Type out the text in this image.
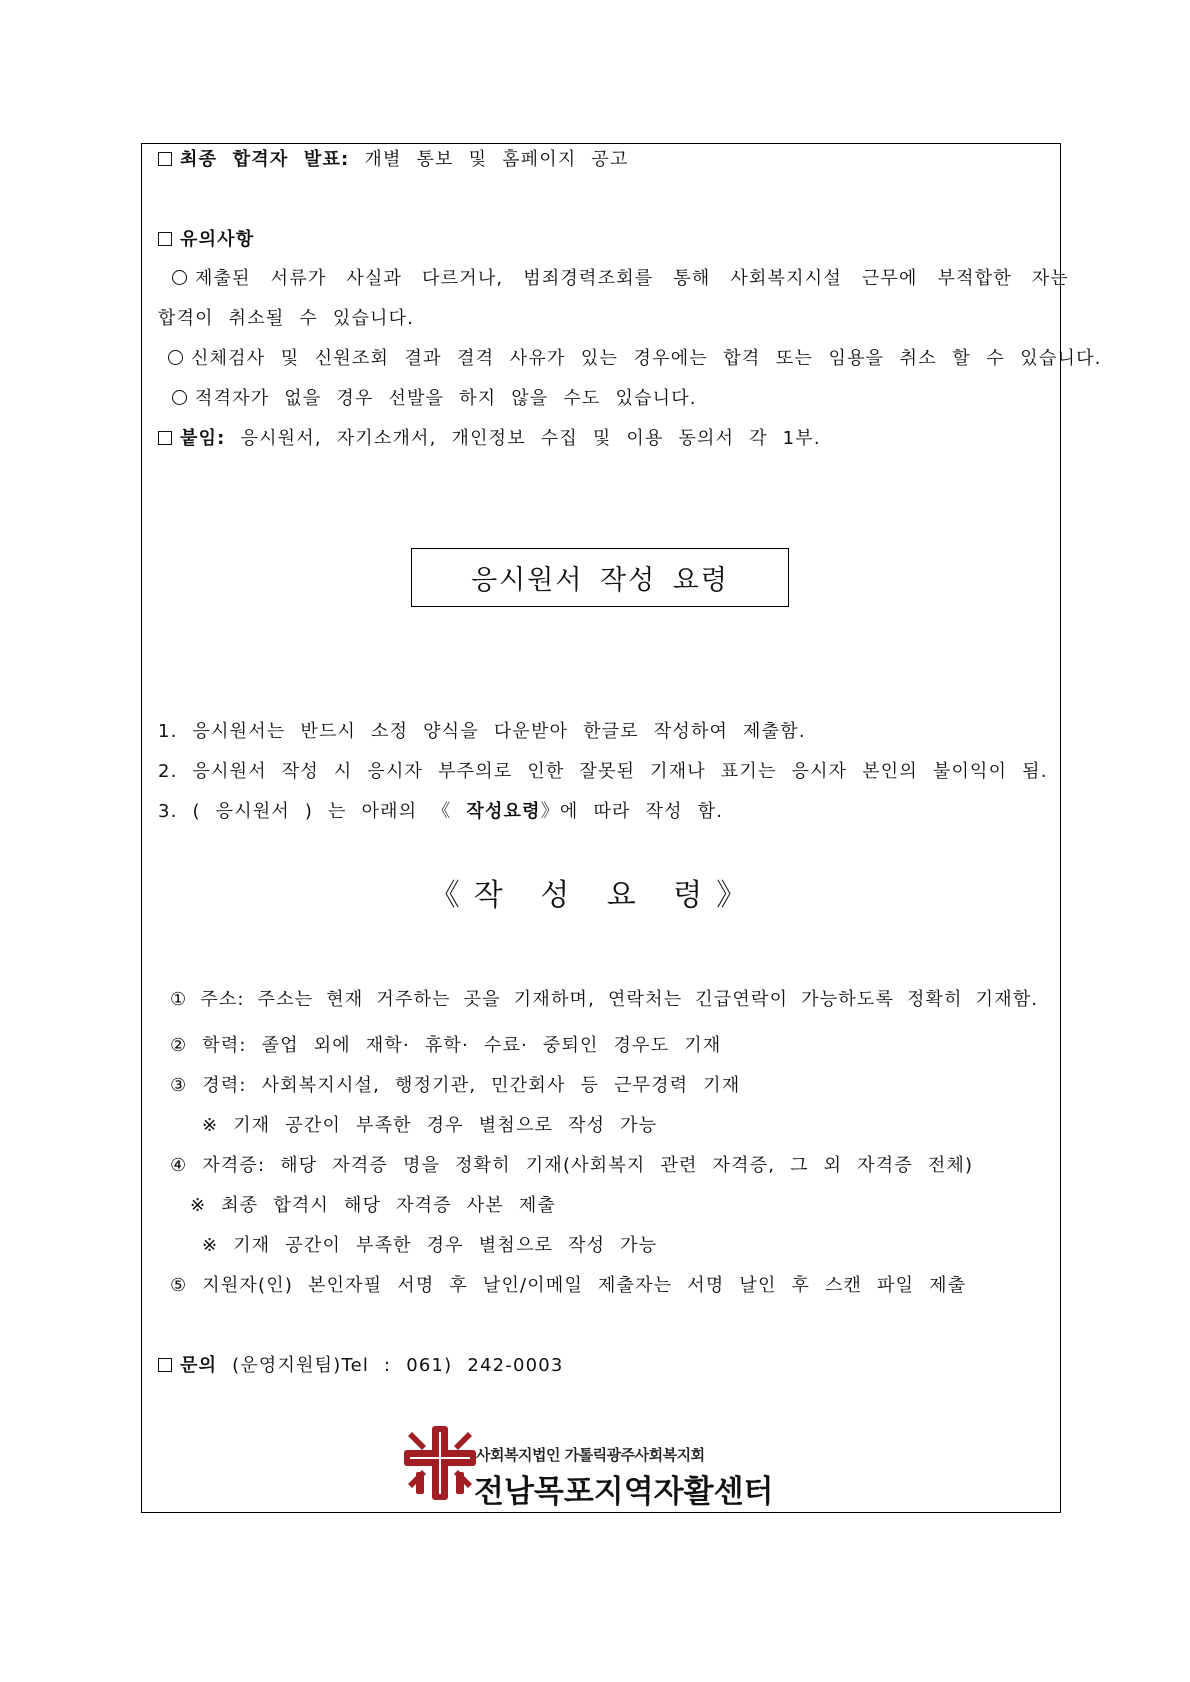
최종 합격자 발표: 개별 통보 및 홈페이지 공고
유의사항
제출된 서류가 사실과 다르거나, 범죄경력조회를 통해 사회복지시설 근무에 부적합한 자는
합격이 취소될 수 있습니다.
신체검사 및 신원조회 결과 결격 사유가 있는 경우에는 합격 또는 임용을 취소 할 수 있습니다.
적격자가 없을 경우 선발을 하지 않을 수도 있습니다.
붙임: 응시원서, 자기소개서, 개인정보 수집 및 이용 동의서 각 1부.
응시원서 작성 요령
1. 응시원서는 반드시 소정 양식을 다운받아 한글로 작성하여 제출함.
2. 응시원서 작성 시 응시자 부주의로 인한 잘못된 기재나 표기는 응시자 본인의 불이익이 됨.
3. ( 응시원서 ) 는 아래의 《 작성요령》에 따라 작성 함.
《작 성 요 령》
① 주소: 주소는 현재 거주하는 곳을 기재하며, 연락처는 긴급연락이 가능하도록 정확히 기재함.
② 학력: 졸업 외에 재학· 휴학· 수료· 중퇴인 경우도 기재
③ 경력: 사회복지시설, 행정기관, 민간회사 등 근무경력 기재
※ 기재 공간이 부족한 경우 별첨으로 작성 가능
④ 자격증: 해당 자격증 명을 정확히 기재(사회복지 관련 자격증, 그 외 자격증 전체)
※ 최종 합격시 해당 자격증 사본 제출
※ 기재 공간이 부족한 경우 별첨으로 작성 가능
⑤ 지원자(인) 본인자필 서명 후 날인/이메일 제출자는 서명 날인 후 스캔 파일 제출
문의 (운영지원팀)Tel : 061) 242-0003
사회복지법인 가톨릭광주사회복지회
전남목포지역자활센터
